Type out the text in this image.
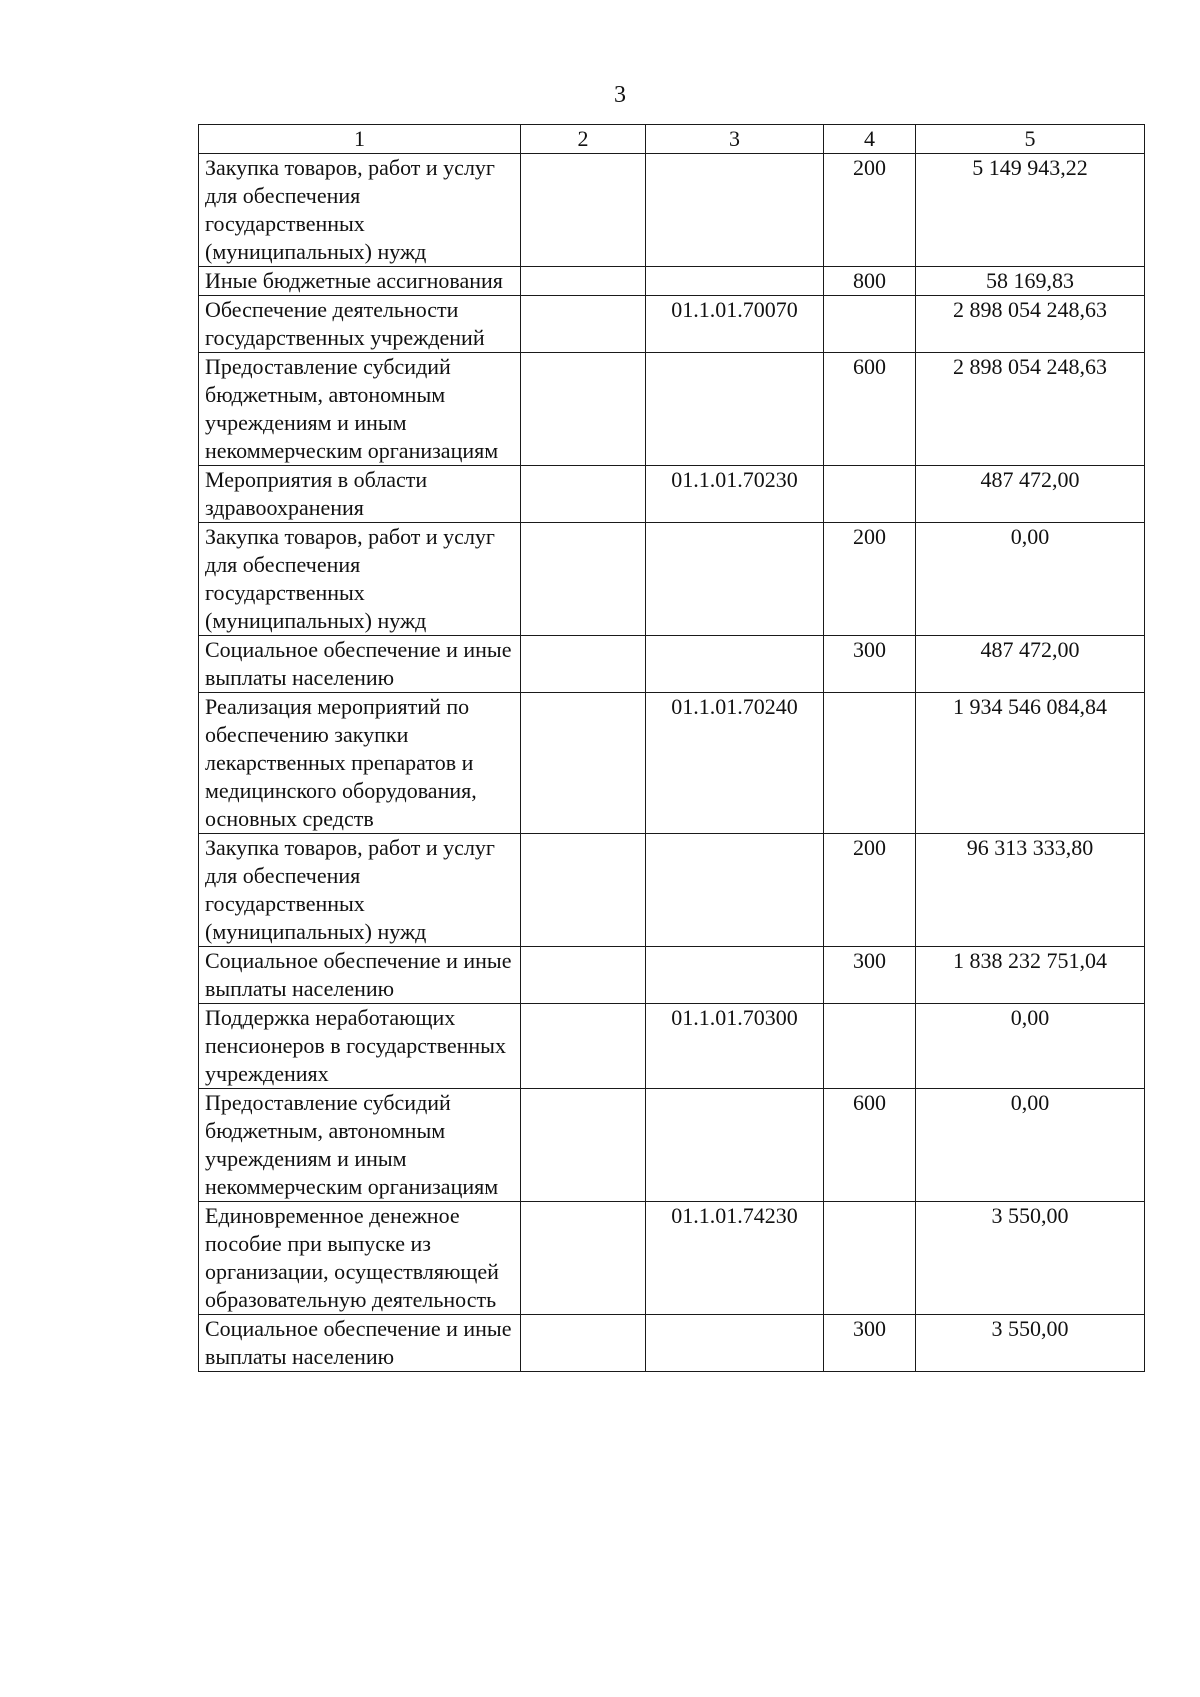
3
1	2	3	4	5
Закупка товаров, работ и услуг для обеспечения государственных (муниципальных) нужд			200	5 149 943,22
Иные бюджетные ассигнования			800	58 169,83
Обеспечение деятельности государственных учреждений		01.1.01.70070		2 898 054 248,63
Предоставление субсидий бюджетным, автономным учреждениям и иным некоммерческим организациям			600	2 898 054 248,63
Мероприятия в области здравоохранения		01.1.01.70230		487 472,00
Закупка товаров, работ и услуг для обеспечения государственных (муниципальных) нужд			200	0,00
Социальное обеспечение и иные выплаты населению			300	487 472,00
Реализация мероприятий по обеспечению закупки лекарственных препаратов и медицинского оборудования, основных средств		01.1.01.70240		1 934 546 084,84
Закупка товаров, работ и услуг для обеспечения государственных (муниципальных) нужд			200	96 313 333,80
Социальное обеспечение и иные выплаты населению			300	1 838 232 751,04
Поддержка неработающих пенсионеров в государственных учреждениях		01.1.01.70300		0,00
Предоставление субсидий бюджетным, автономным учреждениям и иным некоммерческим организациям			600	0,00
Единовременное денежное пособие при выпуске из организации, осуществляющей образовательную деятельность		01.1.01.74230		3 550,00
Социальное обеспечение и иные выплаты населению			300	3 550,00
